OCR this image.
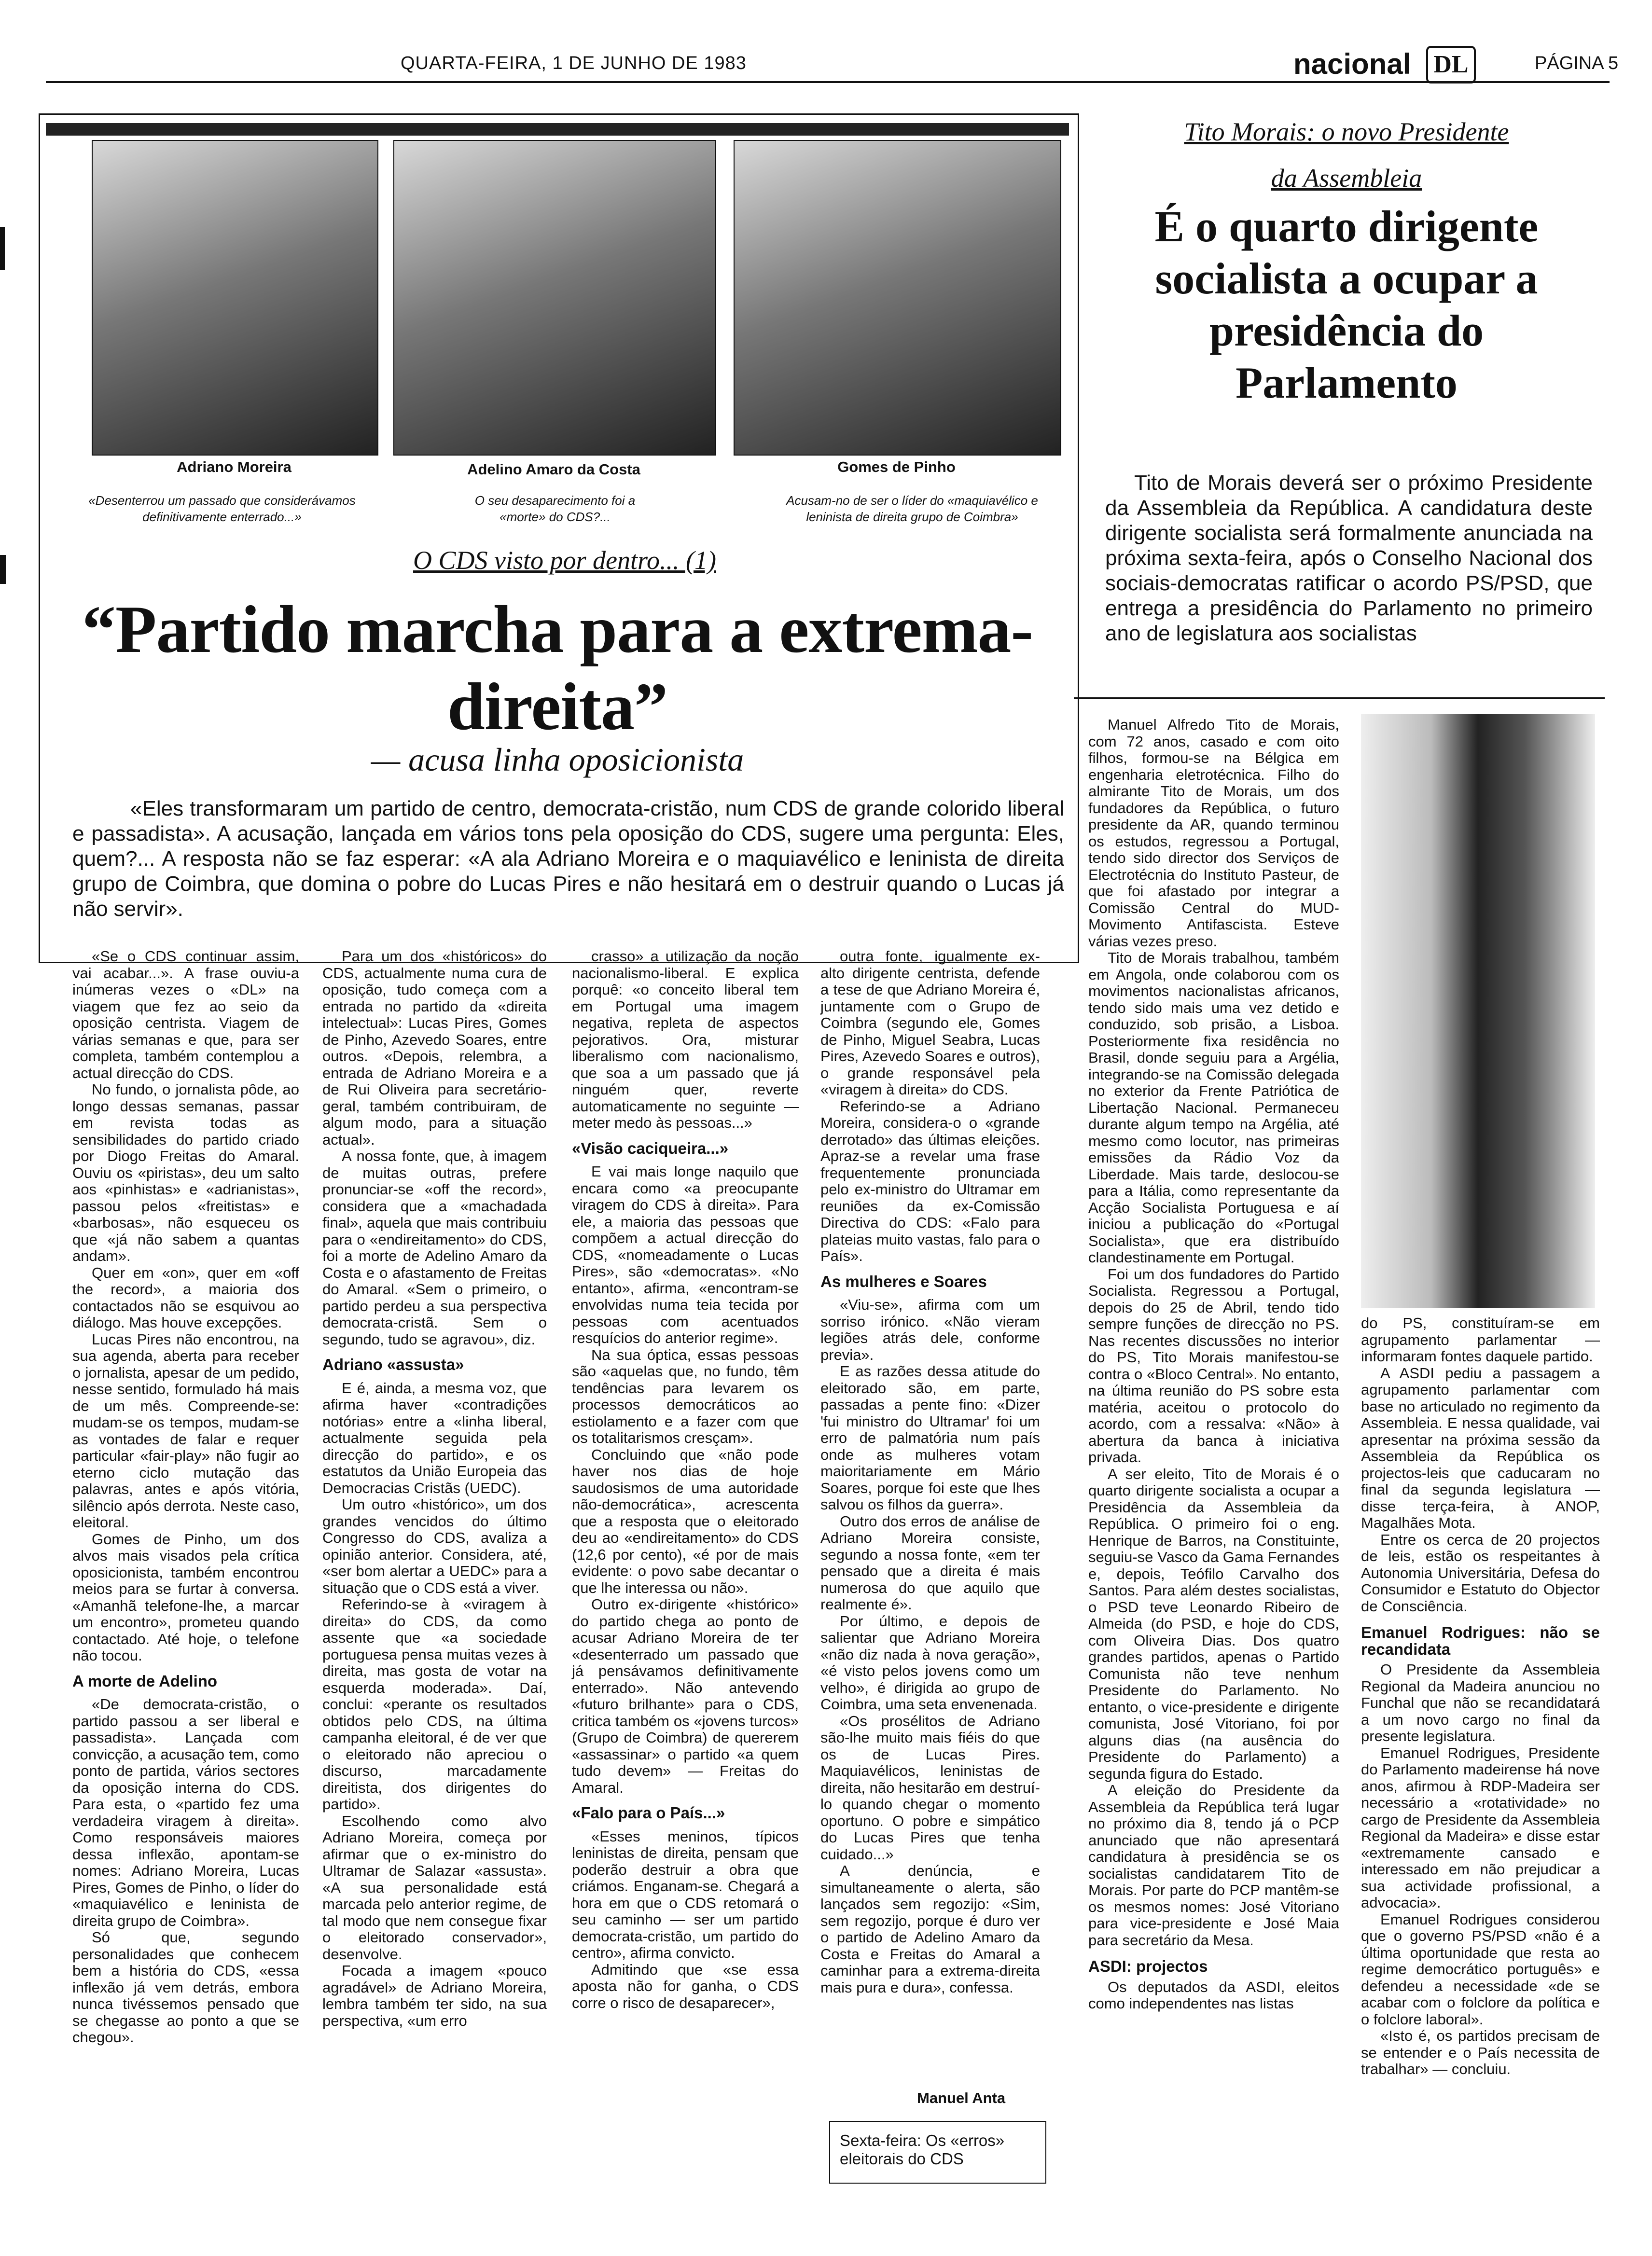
QUARTA-FEIRA, 1 DE JUNHO DE 1983	nacional DL	PÁGINA 5
Adriano Moreira	Adelino Amaro da Costa	Gomes de Pinho
«Desenterrou um passado que considerávamos definitivamente enterrado...»
O seu desaparecimento foi a «morte» do CDS?...
Acusam-no de ser o líder do «maquiavélico e leninista de direita grupo de Coimbra»
O CDS visto por dentro... (1)
“Partido marcha para a extrema-direita”
— acusa linha oposicionista
«Eles transformaram um partido de centro, democrata-cristão, num CDS de grande colorido liberal e passadista». A acusação, lançada em vários tons pela oposição do CDS, sugere uma pergunta: Eles, quem?... A resposta não se faz esperar: «A ala Adriano Moreira e o maquiavélico e leninista de direita grupo de Coimbra, que domina o pobre do Lucas Pires e não hesitará em o destruir quando o Lucas já não servir».

«Se o CDS continuar assim, vai acabar...». A frase ouviu-a inúmeras vezes o «DL» na viagem que fez ao seio da oposição centrista. Viagem de várias semanas e que, para ser completa, também contemplou a actual direcção do CDS.

No fundo, o jornalista pôde, ao longo dessas semanas, passar em revista todas as sensibilidades do partido criado por Diogo Freitas do Amaral. Ouviu os «piristas», deu um salto aos «pinhistas» e «adrianistas», passou pelos «freitistas» e «barbosas», não esqueceu os que «já não sabem a quantas andam».

Quer em «on», quer em «off the record», a maioria dos contactados não se esquivou ao diálogo. Mas houve excepções.

Lucas Pires não encontrou, na sua agenda, aberta para receber o jornalista, apesar de um pedido, nesse sentido, formulado há mais de um mês. Compreende-se: mudam-se os tempos, mudam-se as vontades de falar e requer particular «fair-play» não fugir ao eterno ciclo mutação das palavras, antes e após vitória, silêncio após derrota. Neste caso, eleitoral.

Gomes de Pinho, um dos alvos mais visados pela crítica oposicionista, também encontrou meios para se furtar à conversa. «Amanhã telefone-lhe, a marcar um encontro», prometeu quando contactado. Até hoje, o telefone não tocou.

A morte de Adelino

«De democrata-cristão, o partido passou a ser liberal e passadista». Lançada com convicção, a acusação tem, como ponto de partida, vários sectores da oposição interna do CDS. Para esta, o «partido fez uma verdadeira viragem à direita». Como responsáveis maiores dessa inflexão, apontam-se nomes: Adriano Moreira, Lucas Pires, Gomes de Pinho, o líder do «maquiavélico e leninista de direita grupo de Coimbra».

Só que, segundo personalidades que conhecem bem a história do CDS, «essa inflexão já vem detrás, embora nunca tivéssemos pensado que se chegasse ao ponto a que se chegou».

Para um dos «históricos» do CDS, actualmente numa cura de oposição, tudo começa com a entrada no partido da «direita intelectual»: Lucas Pires, Gomes de Pinho, Azevedo Soares, entre outros. «Depois, relembra, a entrada de Adriano Moreira e a de Rui Oliveira para secretário-geral, também contribuiram, de algum modo, para a situação actual».

A nossa fonte, que, à imagem de muitas outras, prefere pronunciar-se «off the record», considera que a «machadada final», aquela que mais contribuiu para o «endireitamento» do CDS, foi a morte de Adelino Amaro da Costa e o afastamento de Freitas do Amaral. «Sem o primeiro, o partido perdeu a sua perspectiva democrata-cristã. Sem o segundo, tudo se agravou», diz.

Adriano «assusta»

E é, ainda, a mesma voz, que afirma haver «contradições notórias» entre a «linha liberal, actualmente seguida pela direcção do partido», e os estatutos da União Europeia das Democracias Cristãs (UEDC).

Um outro «histórico», um dos grandes vencidos do último Congresso do CDS, avaliza a opinião anterior. Considera, até, «ser bom alertar a UEDC» para a situação que o CDS está a viver.

Referindo-se à «viragem à direita» do CDS, da como assente que «a sociedade portuguesa pensa muitas vezes à direita, mas gosta de votar na esquerda moderada». Daí, conclui: «perante os resultados obtidos pelo CDS, na última campanha eleitoral, é de ver que o eleitorado não apreciou o discurso, marcadamente direitista, dos dirigentes do partido».

Escolhendo como alvo Adriano Moreira, começa por afirmar que o ex-ministro do Ultramar de Salazar «assusta». «A sua personalidade está marcada pelo anterior regime, de tal modo que nem consegue fixar o eleitorado conservador», desenvolve.

Focada a imagem «pouco agradável» de Adriano Moreira, lembra também ter sido, na sua perspectiva, «um erro

crasso» a utilização da noção nacionalismo-liberal. E explica porquê: «o conceito liberal tem em Portugal uma imagem negativa, repleta de aspectos pejorativos. Ora, misturar liberalismo com nacionalismo, que soa a um passado que já ninguém quer, reverte automaticamente no seguinte — meter medo às pessoas...»

«Visão caciqueira...»

E vai mais longe naquilo que encara como «a preocupante viragem do CDS à direita». Para ele, a maioria das pessoas que compõem a actual direcção do CDS, «nomeadamente o Lucas Pires», são «democratas». «No entanto», afirma, «encontram-se envolvidas numa teia tecida por pessoas com acentuados resquícios do anterior regime».

Na sua óptica, essas pessoas são «aquelas que, no fundo, têm tendências para levarem os processos democráticos ao estiolamento e a fazer com que os totalitarismos cresçam».

Concluindo que «não pode haver nos dias de hoje saudosismos de uma autoridade não-democrática», acrescenta que a resposta que o eleitorado deu ao «endireitamento» do CDS (12,6 por cento), «é por de mais evidente: o povo sabe decantar o que lhe interessa ou não».

Outro ex-dirigente «histórico» do partido chega ao ponto de acusar Adriano Moreira de ter «desenterrado um passado que já pensávamos definitivamente enterrado». Não antevendo «futuro brilhante» para o CDS, critica também os «jovens turcos» (Grupo de Coimbra) de quererem «assassinar» o partido «a quem tudo devem» — Freitas do Amaral.

«Falo para o País...»

«Esses meninos, típicos leninistas de direita, pensam que poderão destruir a obra que criámos. Enganam-se. Chegará a hora em que o CDS retomará o seu caminho — ser um partido democrata-cristão, um partido do centro», afirma convicto.

Admitindo que «se essa aposta não for ganha, o CDS corre o risco de desaparecer»,

outra fonte, igualmente ex-alto dirigente centrista, defende a tese de que Adriano Moreira é, juntamente com o Grupo de Coimbra (segundo ele, Gomes de Pinho, Miguel Seabra, Lucas Pires, Azevedo Soares e outros), o grande responsável pela «viragem à direita» do CDS.

Referindo-se a Adriano Moreira, considera-o o «grande derrotado» das últimas eleições. Apraz-se a revelar uma frase frequentemente pronunciada pelo ex-ministro do Ultramar em reuniões da ex-Comissão Directiva do CDS: «Falo para plateias muito vastas, falo para o País».

As mulheres e Soares

«Viu-se», afirma com um sorriso irónico. «Não vieram legiões atrás dele, conforme previa».

E as razões dessa atitude do eleitorado são, em parte, passadas a pente fino: «Dizer 'fui ministro do Ultramar' foi um erro de palmatória num país onde as mulheres votam maioritariamente em Mário Soares, porque foi este que lhes salvou os filhos da guerra».

Outro dos erros de análise de Adriano Moreira consiste, segundo a nossa fonte, «em ter pensado que a direita é mais numerosa do que aquilo que realmente é».

Por último, e depois de salientar que Adriano Moreira «não diz nada à nova geração», «é visto pelos jovens como um velho», é dirigida ao grupo de Coimbra, uma seta envenenada.

«Os prosélitos de Adriano são-lhe muito mais fiéis do que os de Lucas Pires. Maquiavélicos, leninistas de direita, não hesitarão em destruí-lo quando chegar o momento oportuno. O pobre e simpático do Lucas Pires que tenha cuidado...»

A denúncia, e simultaneamente o alerta, são lançados sem regozijo: «Sim, sem regozijo, porque é duro ver o partido de Adelino Amaro da Costa e Freitas do Amaral a caminhar para a extrema-direita mais pura e dura», confessa.

Manuel Anta
Sexta-feira: Os «erros» eleitorais do CDS
Tito Morais: o novo Presidente
da Assembleia
É o quarto dirigente socialista a ocupar a presidência do Parlamento
Tito de Morais deverá ser o próximo Presidente da Assembleia da República. A candidatura deste dirigente socialista será formalmente anunciada na próxima sexta-feira, após o Conselho Nacional dos sociais-democratas ratificar o acordo PS/PSD, que entrega a presidência do Parlamento no primeiro ano de legislatura aos socialistas

Manuel Alfredo Tito de Morais, com 72 anos, casado e com oito filhos, formou-se na Bélgica em engenharia eletrotécnica. Filho do almirante Tito de Morais, um dos fundadores da República, o futuro presidente da AR, quando terminou os estudos, regressou a Portugal, tendo sido director dos Serviços de Electrotécnia do Instituto Pasteur, de que foi afastado por integrar a Comissão Central do MUD-Movimento Antifascista. Esteve várias vezes preso.

Tito de Morais trabalhou, também em Angola, onde colaborou com os movimentos nacionalistas africanos, tendo sido mais uma vez detido e conduzido, sob prisão, a Lisboa. Posteriormente fixa residência no Brasil, donde seguiu para a Argélia, integrando-se na Comissão delegada no exterior da Frente Patriótica de Libertação Nacional. Permaneceu durante algum tempo na Argélia, até mesmo como locutor, nas primeiras emissões da Rádio Voz da Liberdade. Mais tarde, deslocou-se para a Itália, como representante da Acção Socialista Portuguesa e aí iniciou a publicação do «Portugal Socialista», que era distribuído clandestinamente em Portugal.

Foi um dos fundadores do Partido Socialista. Regressou a Portugal, depois do 25 de Abril, tendo tido sempre funções de direcção no PS. Nas recentes discussões no interior do PS, Tito Morais manifestou-se contra o «Bloco Central». No entanto, na última reunião do PS sobre esta matéria, aceitou o protocolo do acordo, com a ressalva: «Não» à abertura da banca à iniciativa privada.

A ser eleito, Tito de Morais é o quarto dirigente socialista a ocupar a Presidência da Assembleia da República. O primeiro foi o eng. Henrique de Barros, na Constituinte, seguiu-se Vasco da Gama Fernandes e, depois, Teófilo Carvalho dos Santos. Para além destes socialistas, o PSD teve Leonardo Ribeiro de Almeida (do PSD, e hoje do CDS, com Oliveira Dias. Dos quatro grandes partidos, apenas o Partido Comunista não teve nenhum Presidente do Parlamento. No entanto, o vice-presidente e dirigente comunista, José Vitoriano, foi por alguns dias (na ausência do Presidente do Parlamento) a segunda figura do Estado.

A eleição do Presidente da Assembleia da República terá lugar no próximo dia 8, tendo já o PCP anunciado que não apresentará candidatura à presidência se os socialistas candidatarem Tito de Morais. Por parte do PCP mantêm-se os mesmos nomes: José Vitoriano para vice-presidente e José Maia para secretário da Mesa.

ASDI: projectos

Os deputados da ASDI, eleitos como independentes nas listas

do PS, constituíram-se em agrupamento parlamentar — informaram fontes daquele partido.

A ASDI pediu a passagem a agrupamento parlamentar com base no articulado no regimento da Assembleia. E nessa qualidade, vai apresentar na próxima sessão da Assembleia da República os projectos-leis que caducaram no final da segunda legislatura — disse terça-feira, à ANOP, Magalhães Mota.

Entre os cerca de 20 projectos de leis, estão os respeitantes à Autonomia Universitária, Defesa do Consumidor e Estatuto do Objector de Consciência.

Emanuel Rodrigues: não se recandidata

O Presidente da Assembleia Regional da Madeira anunciou no Funchal que não se recandidatará a um novo cargo no final da presente legislatura.

Emanuel Rodrigues, Presidente do Parlamento madeirense há nove anos, afirmou à RDP-Madeira ser necessário a «rotatividade» no cargo de Presidente da Assembleia Regional da Madeira» e disse estar «extremamente cansado e interessado em não prejudicar a sua actividade profissional, a advocacia».

Emanuel Rodrigues considerou que o governo PS/PSD «não é a última oportunidade que resta ao regime democrático português» e defendeu a necessidade «de se acabar com o folclore da política e o folclore laboral».

«Isto é, os partidos precisam de se entender e o País necessita de trabalhar» — concluiu.
